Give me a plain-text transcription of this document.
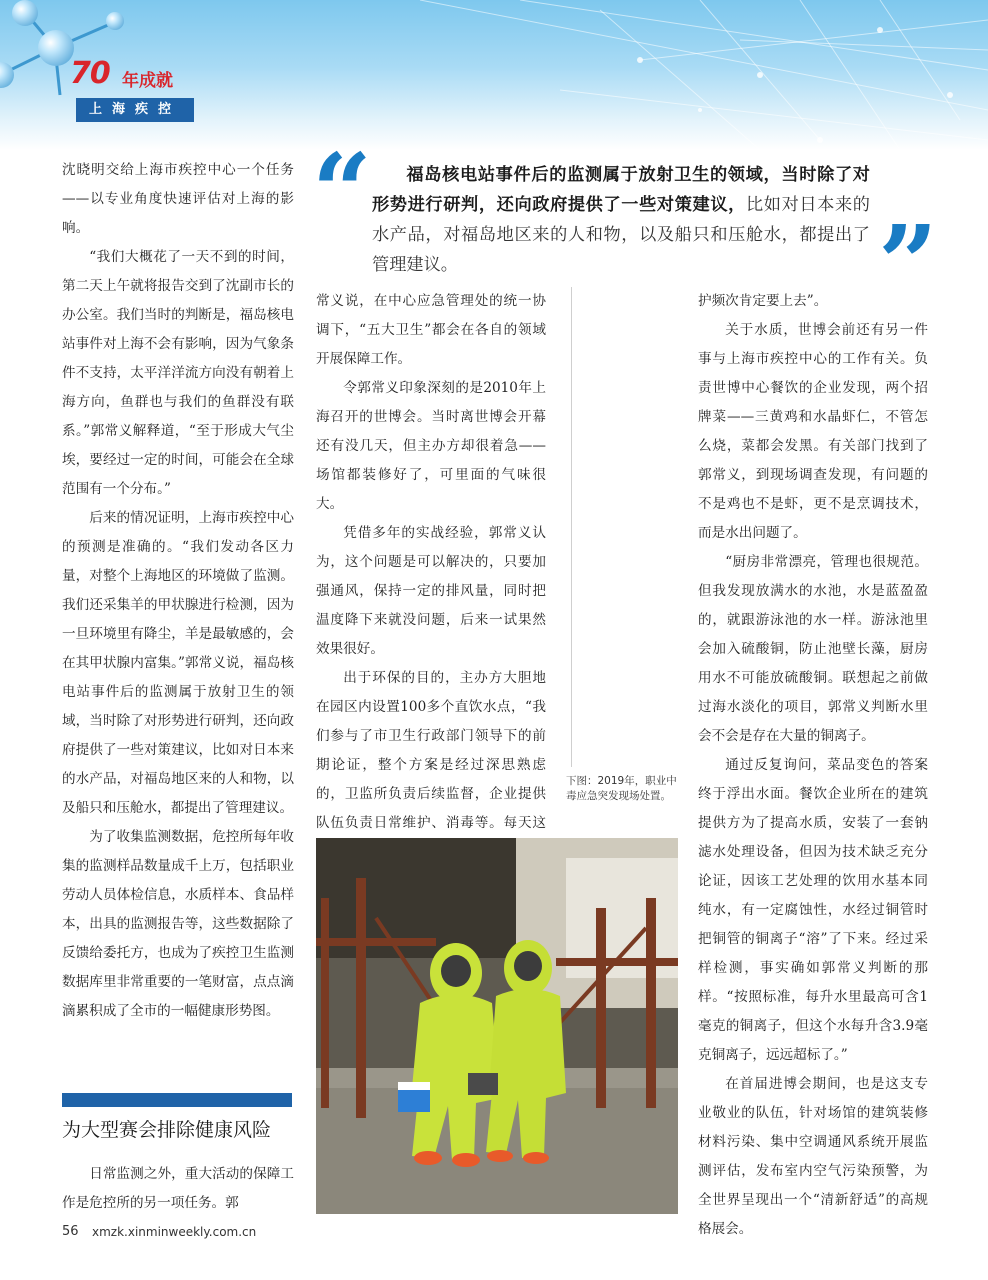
70 年成就
上海疾控
“	福岛核电站事件后的监测属于放射卫生的领域，当时除了对形势进行研判，还向政府提供了一些对策建议，比如对日本来的水产品，对福岛地区来的人和物，以及船只和压舱水，都提出了管理建议。	”

沈晓明交给上海市疾控中心一个任务——以专业角度快速评估对上海的影响。

“我们大概花了一天不到的时间，第二天上午就将报告交到了沈副市长的办公室。我们当时的判断是，福岛核电站事件对上海不会有影响，因为气象条件不支持，太平洋洋流方向没有朝着上海方向，鱼群也与我们的鱼群没有联系。”郭常义解释道，“至于形成大气尘埃，要经过一定的时间，可能会在全球范围有一个分布。”

后来的情况证明，上海市疾控中心的预测是准确的。“我们发动各区力量，对整个上海地区的环境做了监测。我们还采集羊的甲状腺进行检测，因为一旦环境里有降尘，羊是最敏感的，会在其甲状腺内富集。”郭常义说，福岛核电站事件后的监测属于放射卫生的领域，当时除了对形势进行研判，还向政府提供了一些对策建议，比如对日本来的水产品，对福岛地区来的人和物，以及船只和压舱水，都提出了管理建议。

为了收集监测数据，危控所每年收集的监测样品数量成千上万，包括职业劳动人员体检信息，水质样本、食品样本，出具的监测报告等，这些数据除了反馈给委托方，也成为了疾控卫生监测数据库里非常重要的一笔财富，点点滴滴累积成了全市的一幅健康形势图。

为大型赛会排除健康风险

日常监测之外，重大活动的保障工作是危控所的另一项任务。郭

常义说，在中心应急管理处的统一协调下，“五大卫生”都会在各自的领域开展保障工作。

令郭常义印象深刻的是2010年上海召开的世博会。当时离世博会开幕还有没几天，但主办方却很着急——场馆都装修好了，可里面的气味很大。

凭借多年的实战经验，郭常义认为，这个问题是可以解决的，只要加强通风，保持一定的排风量，同时把温度降下来就没问题，后来一试果然效果很好。

出于环保的目的，主办方大胆地在园区内设置100多个直饮水点，“我们参与了市卫生行政部门领导下的前期论证，整个方案是经过深思熟虑的，卫监所负责后续监督，企业提供队伍负责日常维护、消毒等。每天这

下图：2019年，职业中毒应急突发现场处置。

护频次肯定要上去”。

关于水质，世博会前还有另一件事与上海市疾控中心的工作有关。负责世博中心餐饮的企业发现，两个招牌菜——三黄鸡和水晶虾仁，不管怎么烧，菜都会发黑。有关部门找到了郭常义，到现场调查发现，有问题的不是鸡也不是虾，更不是烹调技术，而是水出问题了。

“厨房非常漂亮，管理也很规范。但我发现放满水的水池，水是蓝盈盈的，就跟游泳池的水一样。游泳池里会加入硫酸铜，防止池壁长藻，厨房用水不可能放硫酸铜。联想起之前做过海水淡化的项目，郭常义判断水里会不会是存在大量的铜离子。

通过反复询问，菜品变色的答案终于浮出水面。餐饮企业所在的建筑提供方为了提高水质，安装了一套钠滤水处理设备，但因为技术缺乏充分论证，因该工艺处理的饮用水基本同纯水，有一定腐蚀性，水经过铜管时把铜管的铜离子“溶”了下来。经过采样检测，事实确如郭常义判断的那样。“按照标准，每升水里最高可含1毫克的铜离子，但这个水每升含3.9毫克铜离子，远远超标了。”

在首届进博会期间，也是这支专业敬业的队伍，针对场馆的建筑装修材料污染、集中空调通风系统开展监测评估，发布室内空气污染预警，为全世界呈现出一个“清新舒适”的高规格展会。

56 xmzk.xinminweekly.com.cn
